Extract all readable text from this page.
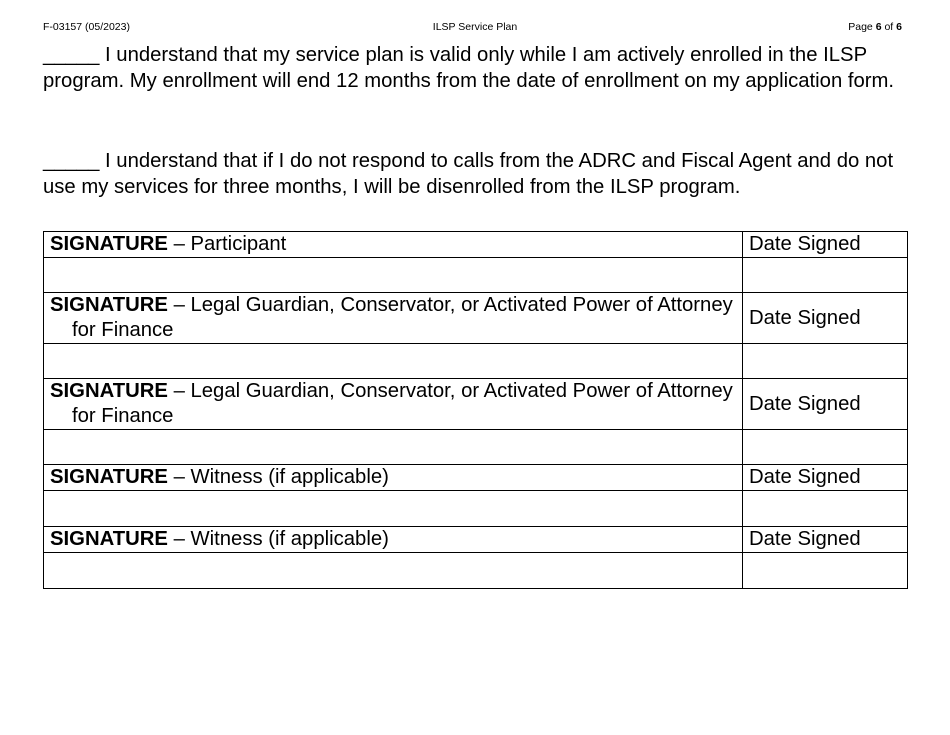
F-03157 (05/2023)	ILSP Service Plan	Page 6 of 6
_____ I understand that my service plan is valid only while I am actively enrolled in the ILSP program. My enrollment will end 12 months from the date of enrollment on my application form.
_____ I understand that if I do not respond to calls from the ADRC and Fiscal Agent and do not use my services for three months, I will be disenrolled from the ILSP program.
SIGNATURE – Participant	Date Signed

SIGNATURE – Legal Guardian, Conservator, or Activated Power of Attorney for Finance	Date Signed

SIGNATURE – Legal Guardian, Conservator, or Activated Power of Attorney for Finance	Date Signed

SIGNATURE – Witness (if applicable)	Date Signed

SIGNATURE – Witness (if applicable)	Date Signed
